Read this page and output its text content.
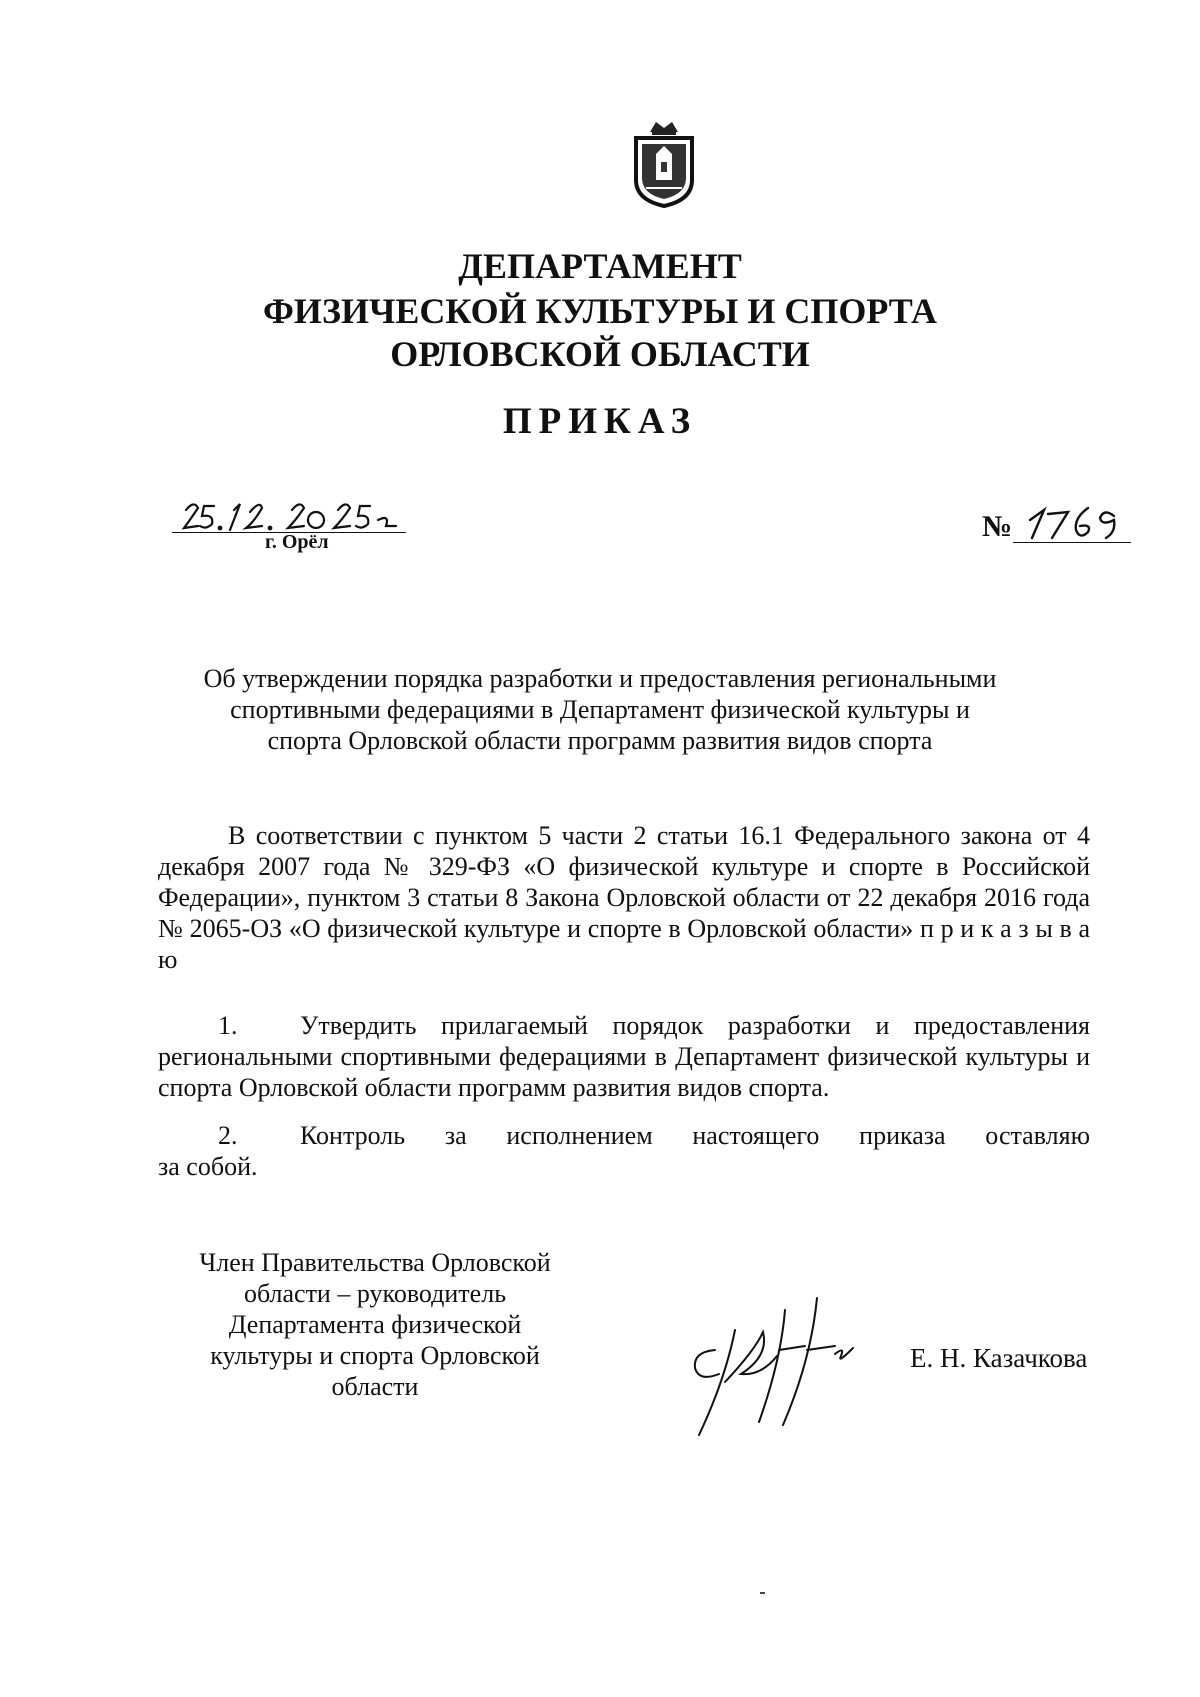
ДЕПАРТАМЕНТ
ФИЗИЧЕСКОЙ КУЛЬТУРЫ И СПОРТА
ОРЛОВСКОЙ ОБЛАСТИ
ПРИКАЗ
г. Орёл	№
Об утверждении порядка разработки и предоставления региональными
спортивными федерациями в Департамент физической культуры и
спорта Орловской области программ развития видов спорта
В соответствии с пунктом 5 части 2 статьи 16.1 Федерального закона от 4 декабря 2007 года № 329-ФЗ «О физической культуре и спорте в Российской Федерации», пунктом 3 статьи 8 Закона Орловской области от 22 декабря 2016 года № 2065-ОЗ «О физической культуре и спорте в Орловской области» п р и к а з ы в а ю
1. Утвердить прилагаемый порядок разработки и предоставления
региональными спортивными федерациями в Департамент физической культуры и спорта Орловской области программ развития видов спорта.
2. Контроль за исполнением настоящего приказа оставляю
за собой.
Член Правительства Орловской
области – руководитель
Департамента физической
культуры и спорта Орловской
области
Е. Н. Казачкова
